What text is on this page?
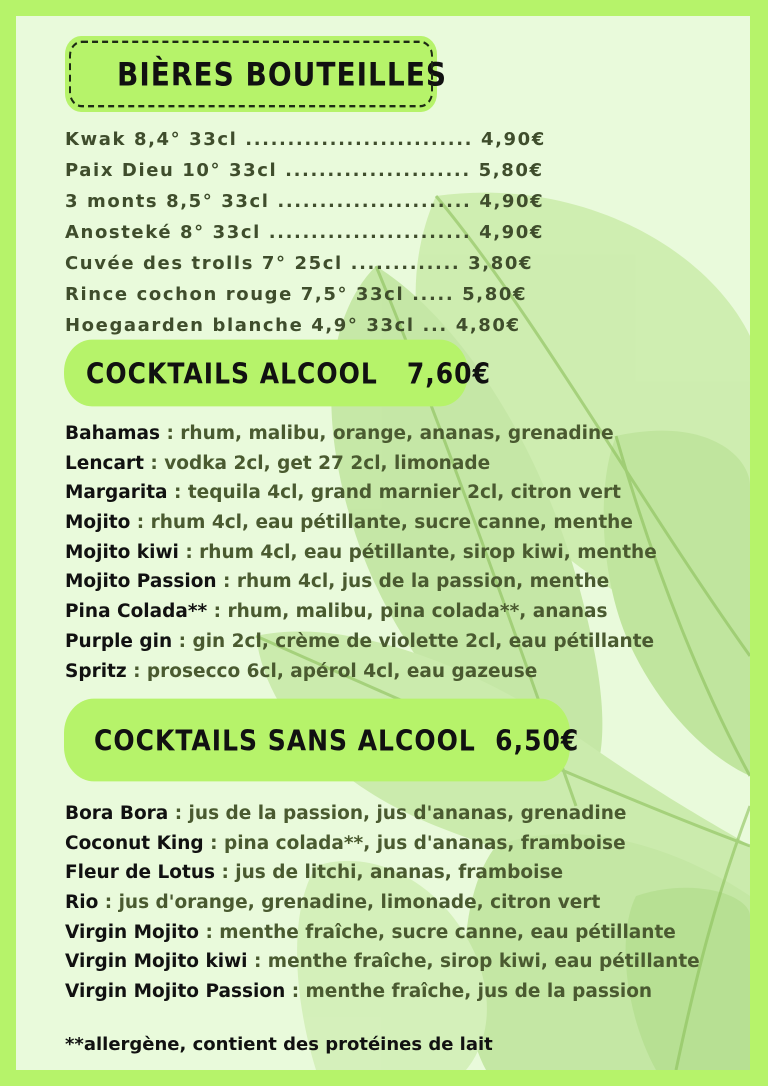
BIÈRES BOUTEILLES
Kwak 8,4° 33cl ........................... 4,90€
Paix Dieu 10° 33cl ...................... 5,80€
3 monts 8,5° 33cl ....................... 4,90€
Anosteké 8° 33cl ........................ 4,90€
Cuvée des trolls 7° 25cl ............. 3,80€
Rince cochon rouge 7,5° 33cl ..... 5,80€
Hoegaarden blanche 4,9° 33cl ... 4,80€
COCKTAILS ALCOOL   7,60€
Bahamas : rhum, malibu, orange, ananas, grenadine
Lencart : vodka 2cl, get 27 2cl, limonade
Margarita : tequila 4cl, grand marnier 2cl, citron vert
Mojito : rhum 4cl, eau pétillante, sucre canne, menthe
Mojito kiwi : rhum 4cl, eau pétillante, sirop kiwi, menthe
Mojito Passion : rhum 4cl, jus de la passion, menthe
Pina Colada** : rhum, malibu, pina colada**, ananas
Purple gin : gin 2cl, crème de violette 2cl, eau pétillante
Spritz : prosecco 6cl, apérol 4cl, eau gazeuse
COCKTAILS SANS ALCOOL  6,50€
Bora Bora : jus de la passion, jus d'ananas, grenadine
Coconut King : pina colada**, jus d'ananas, framboise
Fleur de Lotus : jus de litchi, ananas, framboise
Rio : jus d'orange, grenadine, limonade, citron vert
Virgin Mojito : menthe fraîche, sucre canne, eau pétillante
Virgin Mojito kiwi : menthe fraîche, sirop kiwi, eau pétillante
Virgin Mojito Passion : menthe fraîche, jus de la passion
**allergène, contient des protéines de lait
